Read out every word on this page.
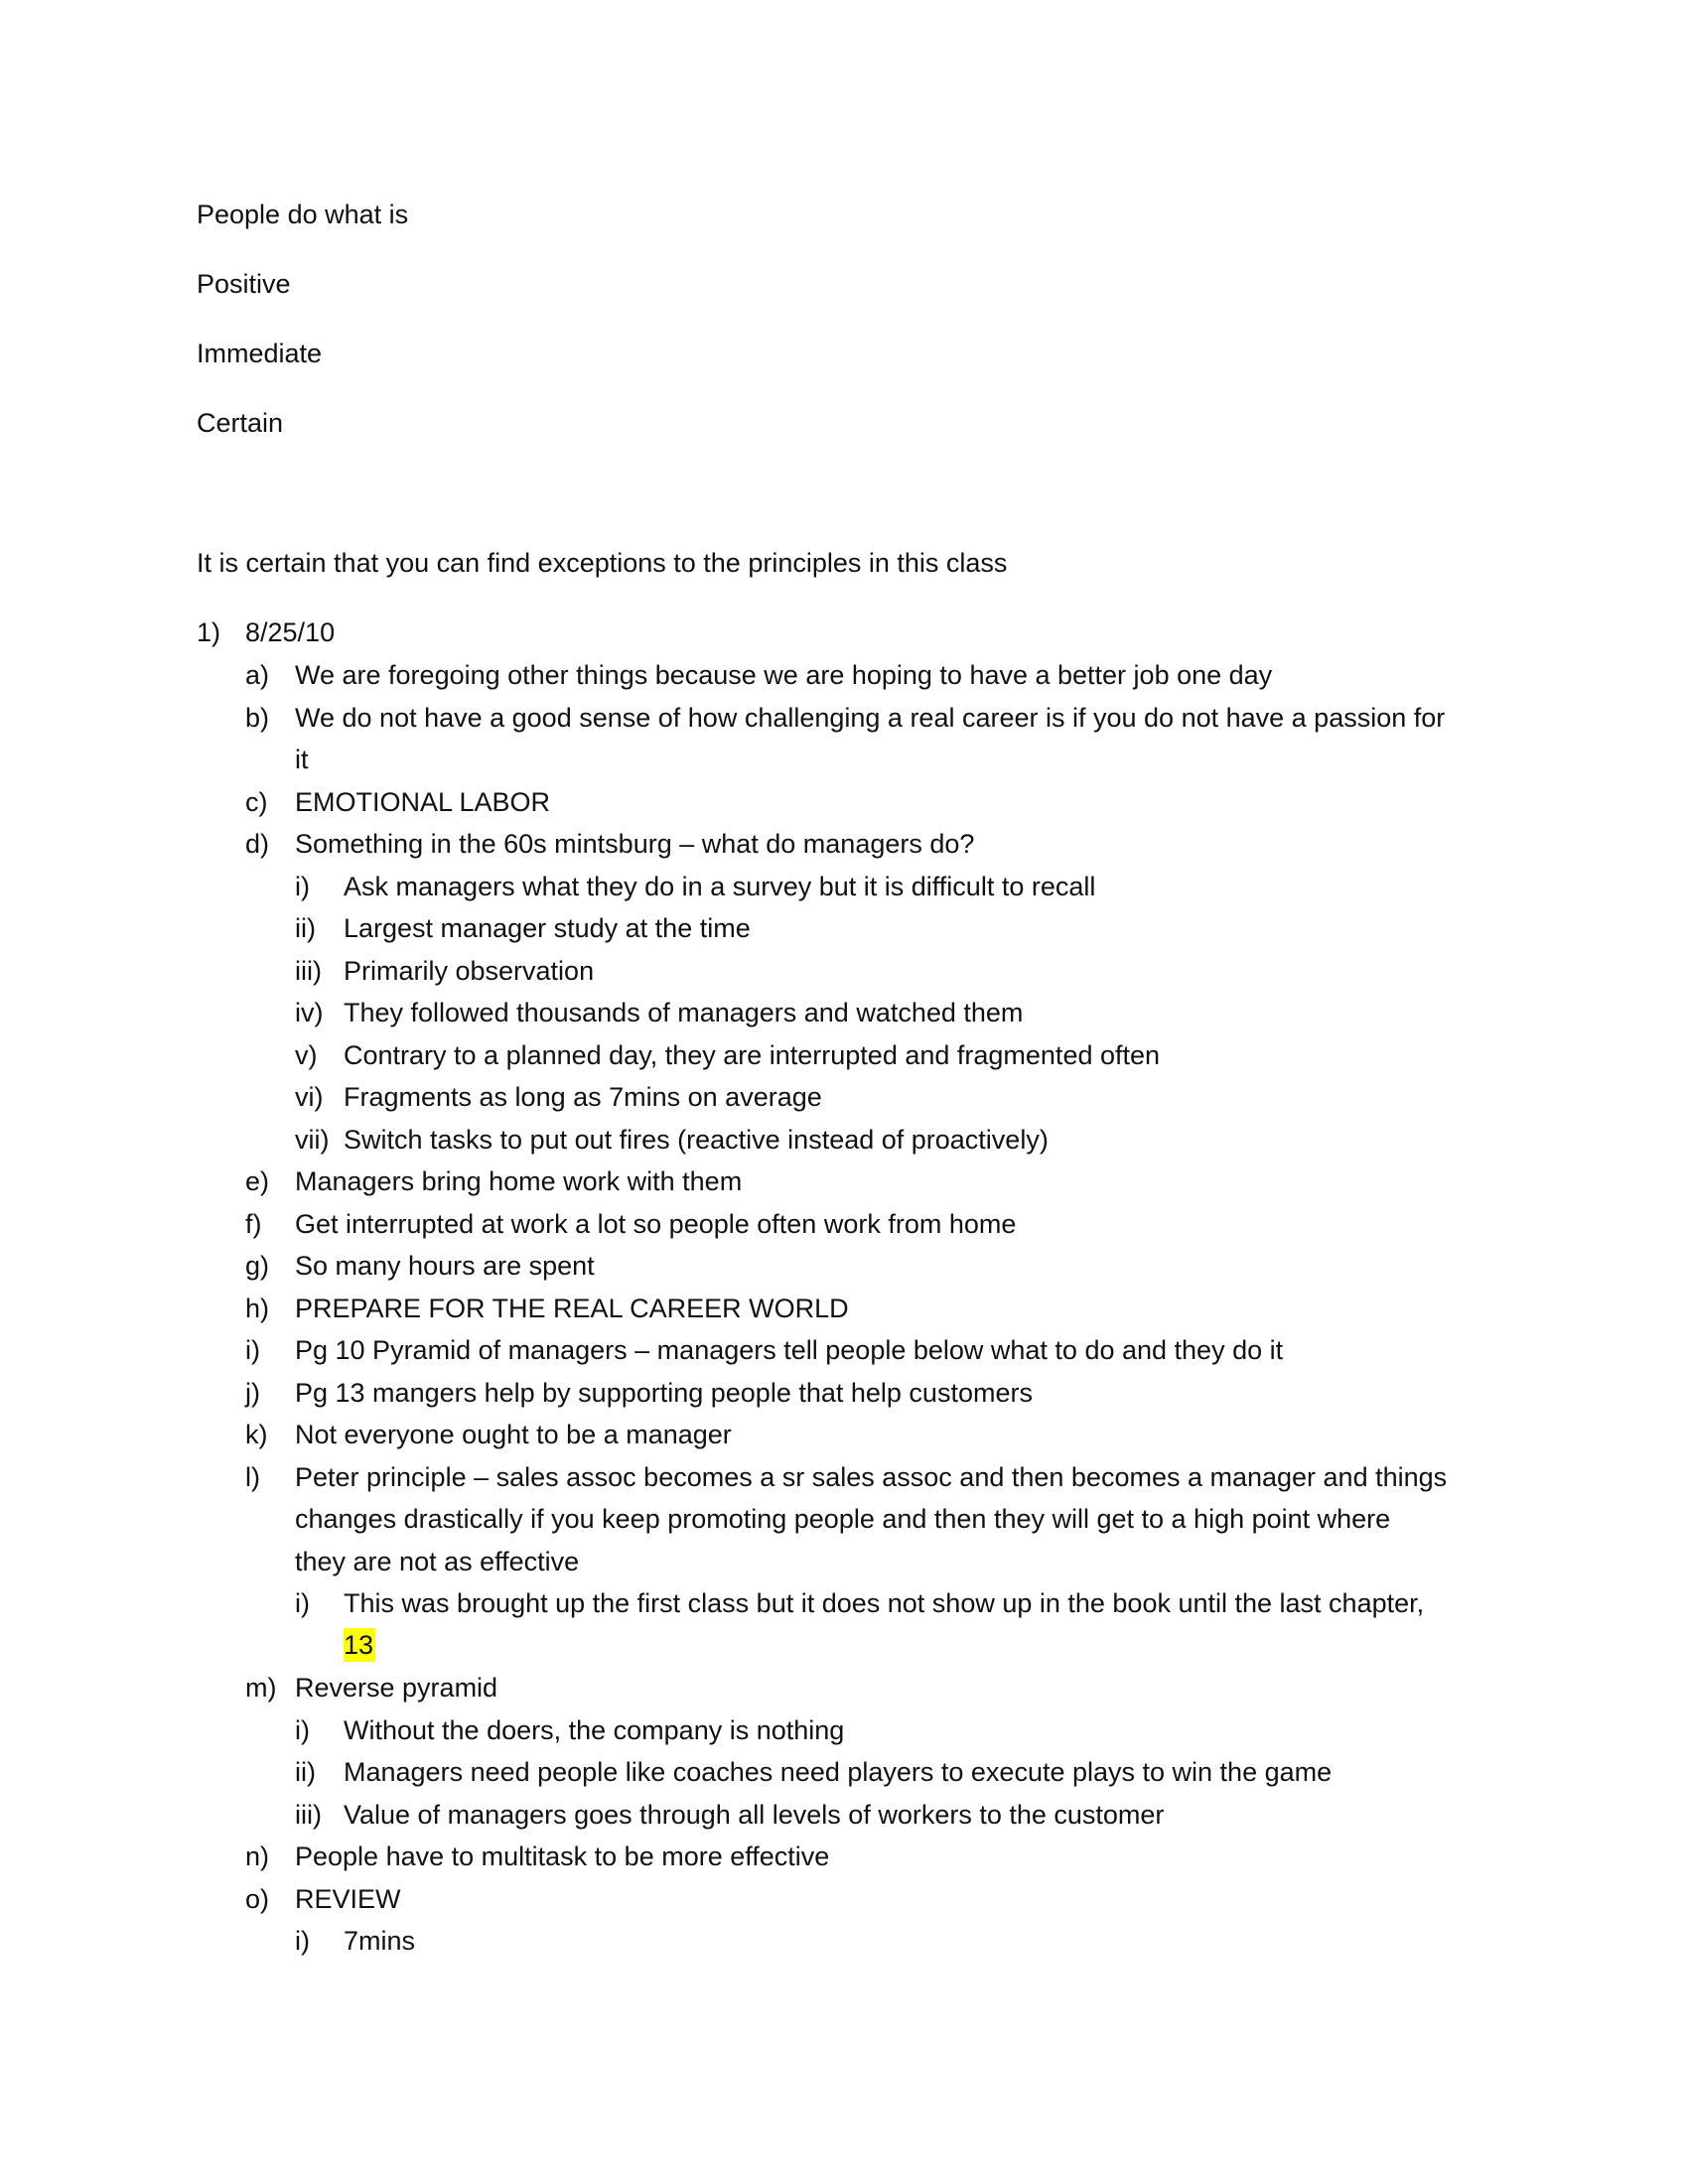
People do what is
Positive
Immediate
Certain
It is certain that you can find exceptions to the principles in this class
1) 8/25/10
a) We are foregoing other things because we are hoping to have a better job one day
b) We do not have a good sense of how challenging a real career is if you do not have a passion for
it
c) EMOTIONAL LABOR
d) Something in the 60s mintsburg – what do managers do?
i) Ask managers what they do in a survey but it is difficult to recall
ii) Largest manager study at the time
iii) Primarily observation
iv) They followed thousands of managers and watched them
v) Contrary to a planned day, they are interrupted and fragmented often
vi) Fragments as long as 7mins on average
vii) Switch tasks to put out fires (reactive instead of proactively)
e) Managers bring home work with them
f) Get interrupted at work a lot so people often work from home
g) So many hours are spent
h) PREPARE FOR THE REAL CAREER WORLD
i) Pg 10 Pyramid of managers – managers tell people below what to do and they do it
j) Pg 13 mangers help by supporting people that help customers
k) Not everyone ought to be a manager
l) Peter principle – sales assoc becomes a sr sales assoc and then becomes a manager and things
changes drastically if you keep promoting people and then they will get to a high point where
they are not as effective
i) This was brought up the first class but it does not show up in the book until the last chapter,
13
m) Reverse pyramid
i) Without the doers, the company is nothing
ii) Managers need people like coaches need players to execute plays to win the game
iii) Value of managers goes through all levels of workers to the customer
n) People have to multitask to be more effective
o) REVIEW
i) 7mins
